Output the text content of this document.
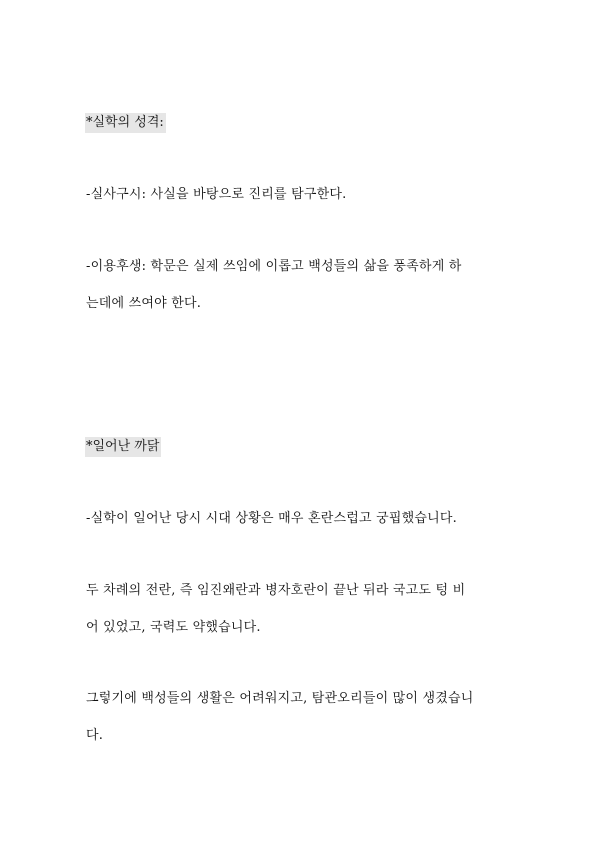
*실학의 성격:
-실사구시: 사실을 바탕으로 진리를 탐구한다.
-이용후생: 학문은 실제 쓰임에 이롭고 백성들의 삶을 풍족하게 하
는데에 쓰여야 한다.
*일어난 까닭
-실학이 일어난 당시 시대 상황은 매우 혼란스럽고 궁핍했습니다.
두 차례의 전란, 즉 임진왜란과 병자호란이 끝난 뒤라 국고도 텅 비
어 있었고, 국력도 약했습니다.
그렇기에 백성들의 생활은 어려워지고, 탐관오리들이 많이 생겼습니
다.
